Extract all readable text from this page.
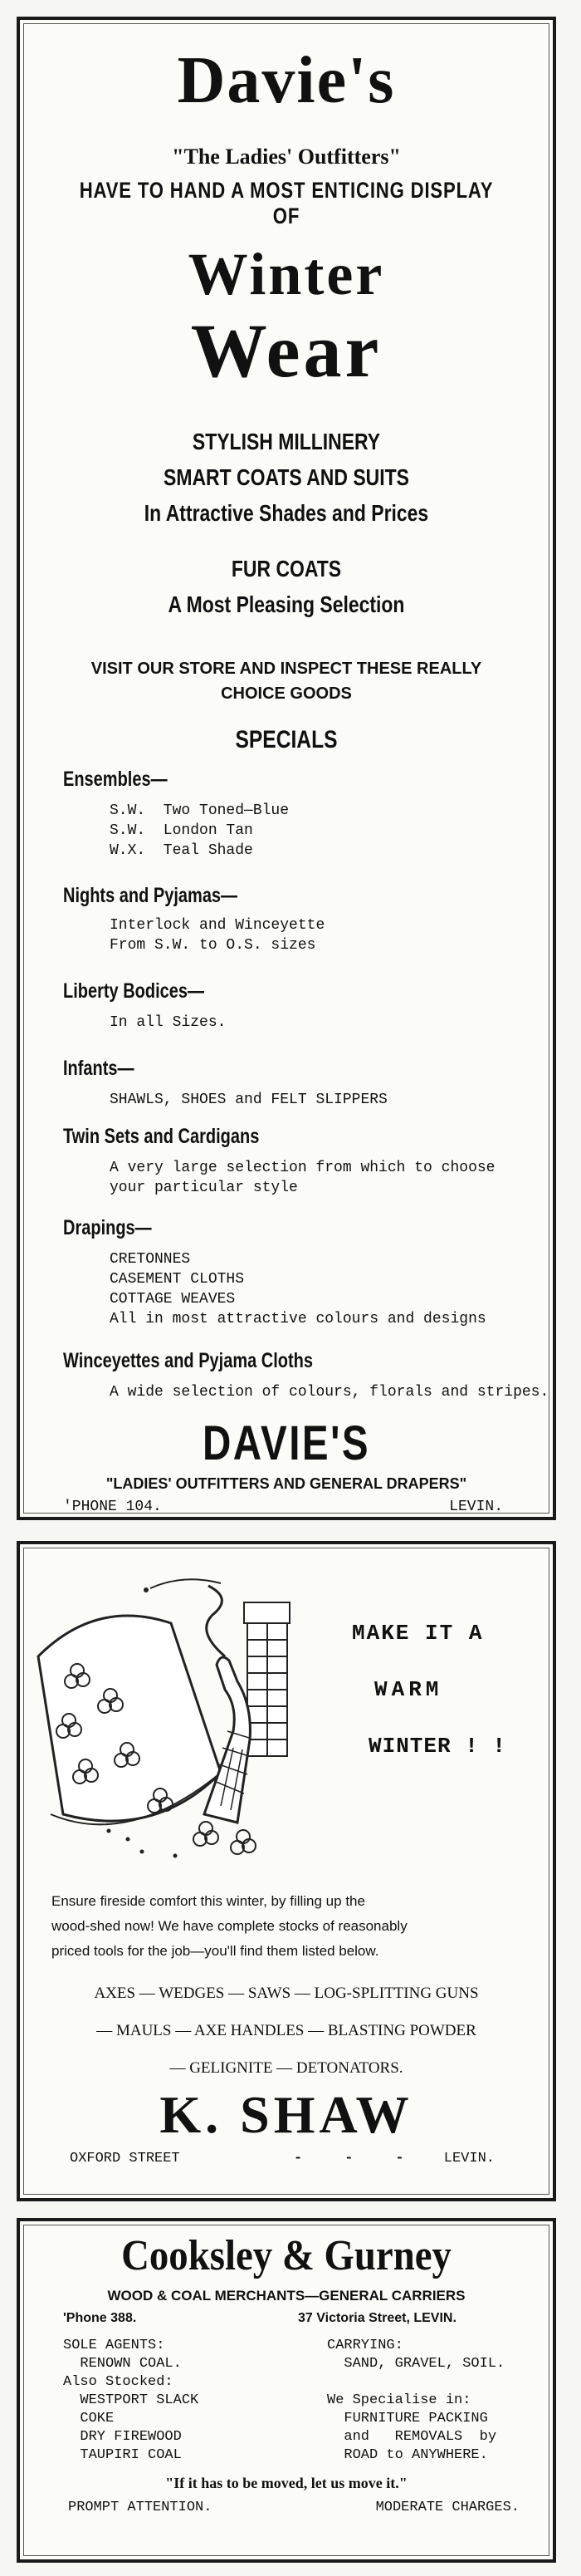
Davie's
"The Ladies' Outfitters"
HAVE TO HAND A MOST ENTICING DISPLAY OF
Winter
Wear
STYLISH MILLINERY
SMART COATS AND SUITS
In Attractive Shades and Prices
FUR COATS
A Most Pleasing Selection
VISIT OUR STORE AND INSPECT THESE REALLY
CHOICE GOODS
SPECIALS
Ensembles—
S.W.  Two Toned—Blue
S.W.  London Tan
W.X.  Teal Shade
Nights and Pyjamas—
Interlock and Winceyette
From S.W. to O.S. sizes
Liberty Bodices—
In all Sizes.
Infants—
SHAWLS, SHOES and FELT SLIPPERS
Twin Sets and Cardigans
A very large selection from which to choose
your particular style
Drapings—
CRETONNES
CASEMENT CLOTHS
COTTAGE WEAVES
All in most attractive colours and designs
Winceyettes and Pyjama Cloths
A wide selection of colours, florals and stripes.
DAVIE'S
"LADIES' OUTFITTERS AND GENERAL DRAPERS"
'PHONE 104.	LEVIN.
MAKE IT A
WARM
WINTER ! !
Ensure fireside comfort this winter, by filling up the
wood-shed now! We have complete stocks of reasonably
priced tools for the job—you'll find them listed below.
AXES — WEDGES — SAWS — LOG-SPLITTING GUNS
— MAULS — AXE HANDLES — BLASTING POWDER
— GELIGNITE — DETONATORS.
K. SHAW
OXFORD STREET	-     -     -	LEVIN.
Cooksley & Gurney
WOOD & COAL MERCHANTS—GENERAL CARRIERS
'Phone 388.	37 Victoria Street, LEVIN.
SOLE AGENTS:
RENOWN COAL.
Also Stocked:
WESTPORT SLACK
COKE
DRY FIREWOOD
TAUPIRI COAL
CARRYING:
SAND, GRAVEL, SOIL.
We Specialise in:
FURNITURE PACKING
and   REMOVALS  by
ROAD to ANYWHERE.
"If it has to be moved, let us move it."
PROMPT ATTENTION.	MODERATE CHARGES.
